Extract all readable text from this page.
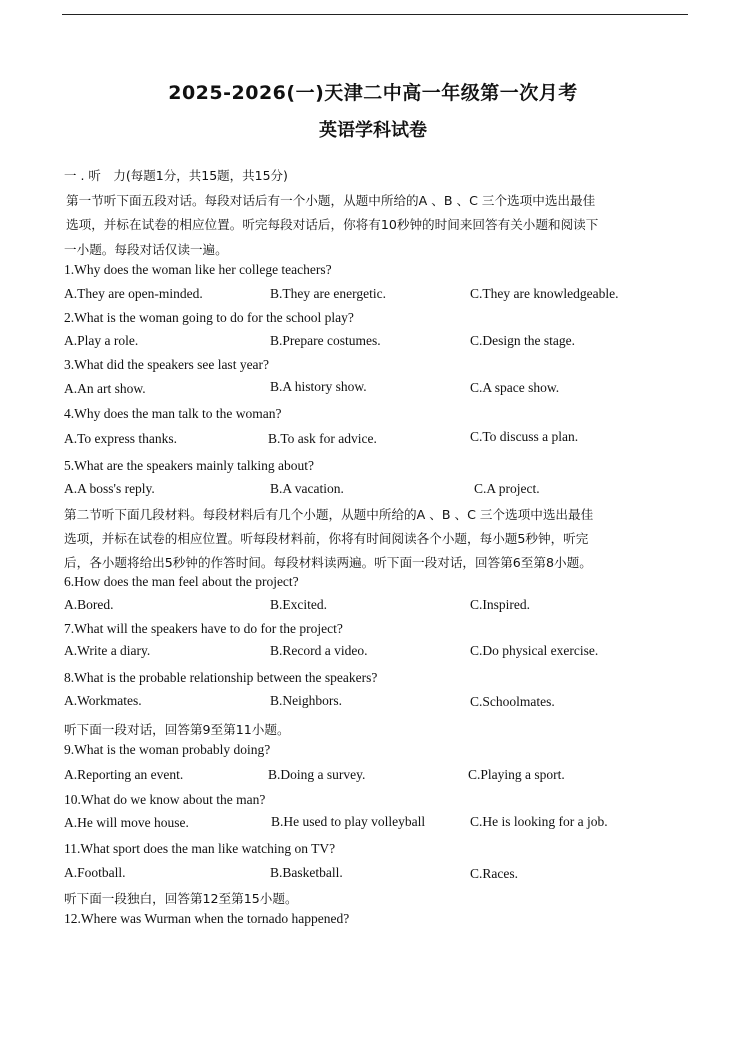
2025-2026(一)天津二中高一年级第一次月考
英语学科试卷
一 . 听　力(每题1分，共15题，共15分)
第一节听下面五段对话。每段对话后有一个小题，从题中所给的A 、B 、C 三个选项中选出最佳
选项，并标在试卷的相应位置。听完每段对话后，你将有10秒钟的时间来回答有关小题和阅读下
一小题。每段对话仅读一遍。
1.Why does the woman like her college teachers?
A.They are open-minded.	B.They are energetic.	C.They are knowledgeable.
2.What is the woman going to do for the school play?
A.Play a role.	B.Prepare costumes.	C.Design the stage.
3.What did the speakers see last year?
A.An art show.	B.A history show.	C.A space show.
4.Why does the man talk to the woman?
A.To express thanks.	B.To ask for advice.	C.To discuss a plan.
5.What are the speakers mainly talking about?
A.A boss's reply.	B.A vacation.	C.A project.
第二节听下面几段材料。每段材料后有几个小题，从题中所给的A 、B 、C 三个选项中选出最佳
选项，并标在试卷的相应位置。听每段材料前，你将有时间阅读各个小题，每小题5秒钟，听完
后，各小题将给出5秒钟的作答时间。每段材料读两遍。听下面一段对话，回答第6至第8小题。
6.How does the man feel about the project?
A.Bored.	B.Excited.	C.Inspired.
7.What will the speakers have to do for the project?
A.Write a diary.	B.Record a video.	C.Do physical exercise.
8.What is the probable relationship between the speakers?
A.Workmates.	B.Neighbors.	C.Schoolmates.
听下面一段对话，回答第9至第11小题。
9.What is the woman probably doing?
A.Reporting an event.	B.Doing a survey.	C.Playing a sport.
10.What do we know about the man?
A.He will move house.	B.He used to play volleyball	C.He is looking for a job.
11.What sport does the man like watching on TV?
A.Football.	B.Basketball.	C.Races.
听下面一段独白，回答第12至第15小题。
12.Where was Wurman when the tornado happened?
